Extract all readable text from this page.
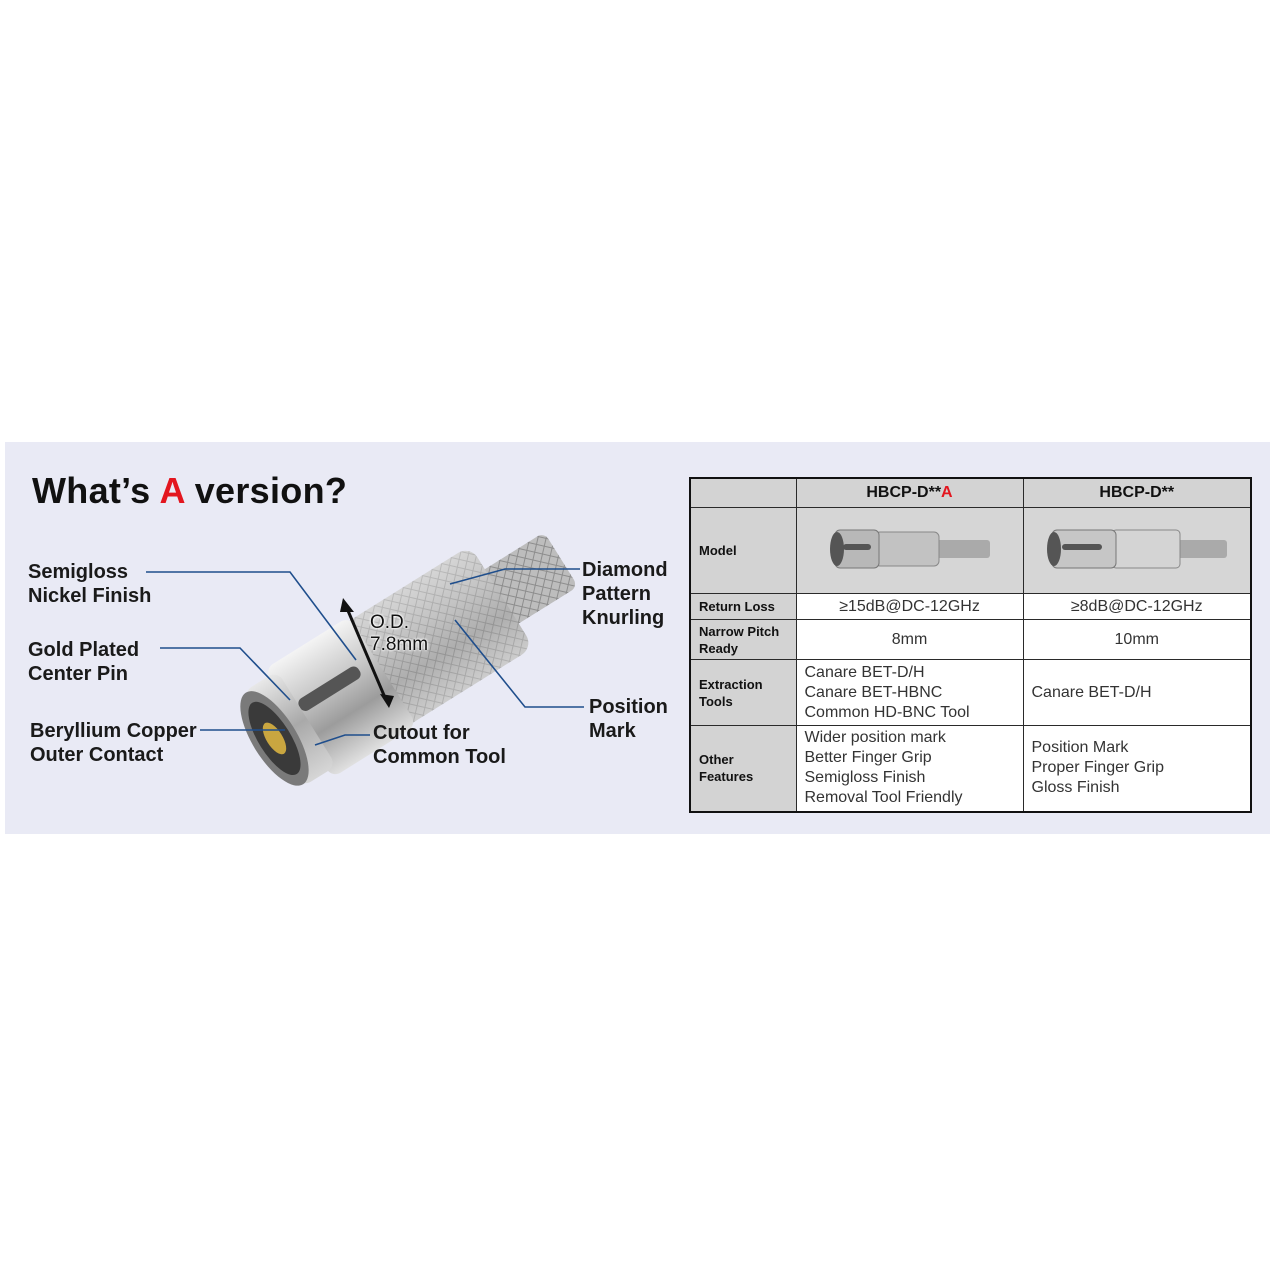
What’s A version?
O.D.
7.8mm
Semigloss
Nickel Finish
Gold Plated
Center Pin
Beryllium Copper
Outer Contact
Cutout for
Common Tool
Diamond
Pattern
Knurling
Position
Mark
	HBCP-D**A	HBCP-D**
Model		
Return Loss	≥15dB@DC-12GHz	≥8dB@DC-12GHz

Narrow Pitch
Ready	8mm	10mm

Extraction
Tools	Canare BET-D/H
Canare BET-HBNC
Common HD-BNC Tool	Canare BET-D/H

Other
Features	Wider position mark
Better Finger Grip
Semigloss Finish
Removal Tool Friendly	Position Mark
Proper Finger Grip
Gloss Finish
